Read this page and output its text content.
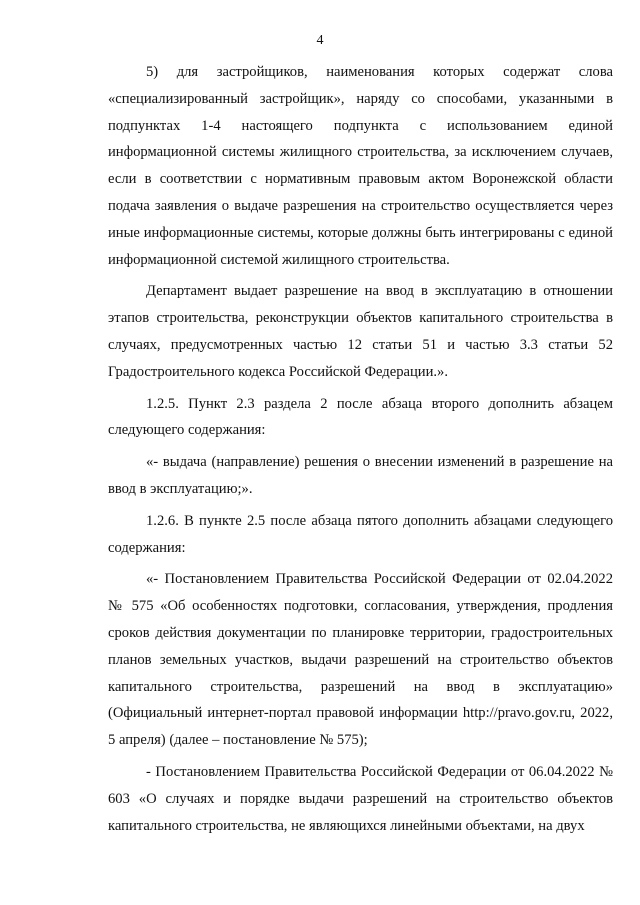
4

5) для застройщиков, наименования которых содержат слова «специализированный застройщик», наряду со способами, указанными в подпунктах 1-4 настоящего подпункта с использованием единой информационной системы жилищного строительства, за исключением случаев, если в соответствии с нормативным правовым актом Воронежской области подача заявления о выдаче разрешения на строительство осуществляется через иные информационные системы, которые должны быть интегрированы с единой информационной системой жилищного строительства.

Департамент выдает разрешение на ввод в эксплуатацию в отношении этапов строительства, реконструкции объектов капитального строительства в случаях, предусмотренных частью 12 статьи 51 и частью 3.3 статьи 52 Градостроительного кодекса Российской Федерации.».

1.2.5. Пункт 2.3 раздела 2 после абзаца второго дополнить абзацем следующего содержания:

«- выдача (направление) решения о внесении изменений в разрешение на ввод в эксплуатацию;».

1.2.6. В пункте 2.5 после абзаца пятого дополнить абзацами следующего содержания:

«- Постановлением Правительства Российской Федерации от 02.04.2022 № 575 «Об особенностях подготовки, согласования, утверждения, продления сроков действия документации по планировке территории, градостроительных планов земельных участков, выдачи разрешений на строительство объектов капитального строительства, разрешений на ввод в эксплуатацию» (Официальный интернет-портал правовой информации http://pravo.gov.ru, 2022, 5 апреля) (далее – постановление № 575);

- Постановлением Правительства Российской Федерации от 06.04.2022 № 603 «О случаях и порядке выдачи разрешений на строительство объектов капитального строительства, не являющихся линейными объектами, на двух
